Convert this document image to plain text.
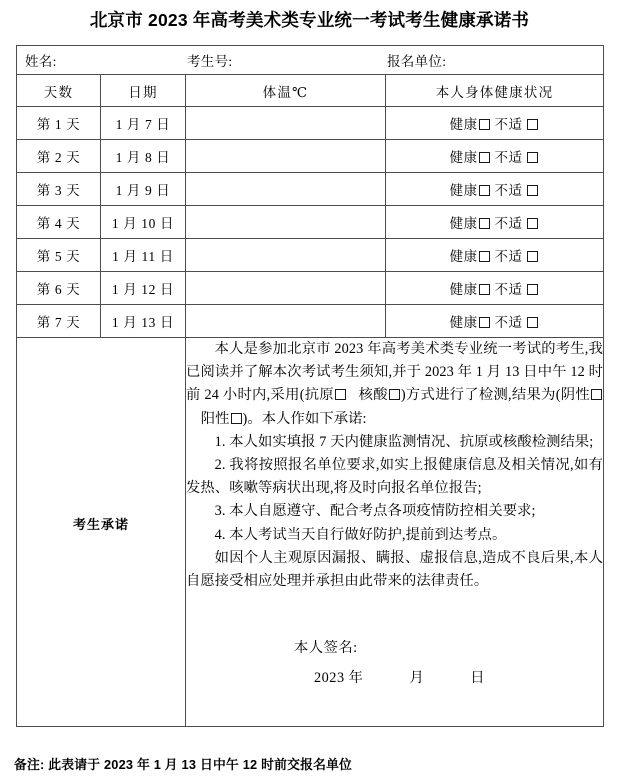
北京市 2023 年高考美术类专业统一考试考生健康承诺书
姓名: 考生号: 报名单位:			

天数	日期	体温℃	本人身体健康状况
第 1 天	1 月 7 日		健康 不适
第 2 天	1 月 8 日		健康 不适
第 3 天	1 月 9 日		健康 不适
第 4 天	1 月 10 日		健康 不适
第 5 天	1 月 11 日		健康 不适
第 6 天	1 月 12 日		健康 不适
第 7 天	1 月 13 日		健康 不适

考生承诺

本人是参加北京市 2023 年高考美术类专业统一考试的考生,我已阅读并了解本次考试考生须知,并于 2023 年 1 月 13 日中午 12 时前 24 小时内,采用(抗原 核酸 )方式进行了检测,结果为(阴性    阳性 )。本人作如下承诺:

1. 本人如实填报 7 天内健康监测情况、抗原或核酸检测结果;

2. 我将按照报名单位要求,如实上报健康信息及相关情况,如有发热、咳嗽等病状出现,将及时向报名单位报告;

3. 本人自愿遵守、配合考点各项疫情防控相关要求;

4. 本人考试当天自行做好防护,提前到达考点。

如因个人主观原因漏报、瞒报、虚报信息,造成不良后果,本人自愿接受相应处理并承担由此带来的法律责任。

本人签名:
2023 年	月	日
备注: 此表请于 2023 年 1 月 13 日中午 12 时前交报名单位
